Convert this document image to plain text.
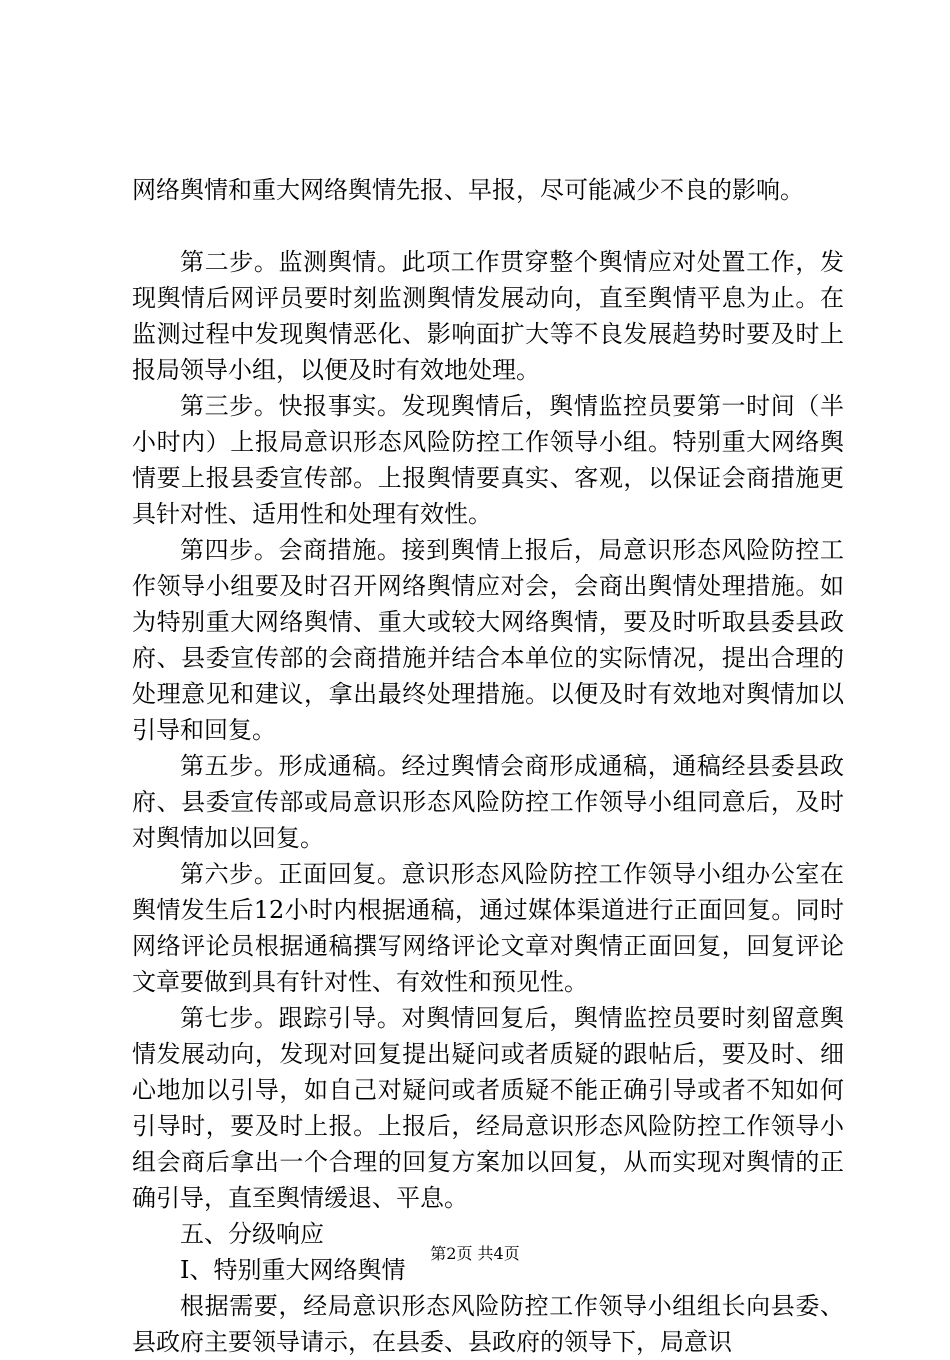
网络舆情和重大网络舆情先报、早报，尽可能减少不良的影响。

第二步。监测舆情。此项工作贯穿整个舆情应对处置工作，发现舆情后网评员要时刻监测舆情发展动向，直至舆情平息为止。在监测过程中发现舆情恶化、影响面扩大等不良发展趋势时要及时上报局领导小组，以便及时有效地处理。

第三步。快报事实。发现舆情后，舆情监控员要第一时间（半小时内）上报局意识形态风险防控工作领导小组。特别重大网络舆情要上报县委宣传部。上报舆情要真实、客观，以保证会商措施更具针对性、适用性和处理有效性。

第四步。会商措施。接到舆情上报后，局意识形态风险防控工作领导小组要及时召开网络舆情应对会，会商出舆情处理措施。如为特别重大网络舆情、重大或较大网络舆情，要及时听取县委县政府、县委宣传部的会商措施并结合本单位的实际情况，提出合理的处理意见和建议，拿出最终处理措施。以便及时有效地对舆情加以引导和回复。

第五步。形成通稿。经过舆情会商形成通稿，通稿经县委县政府、县委宣传部或局意识形态风险防控工作领导小组同意后，及时对舆情加以回复。

第六步。正面回复。意识形态风险防控工作领导小组办公室在舆情发生后12小时内根据通稿，通过媒体渠道进行正面回复。同时网络评论员根据通稿撰写网络评论文章对舆情正面回复，回复评论文章要做到具有针对性、有效性和预见性。

第七步。跟踪引导。对舆情回复后，舆情监控员要时刻留意舆情发展动向，发现对回复提出疑问或者质疑的跟帖后，要及时、细心地加以引导，如自己对疑问或者质疑不能正确引导或者不知如何引导时，要及时上报。上报后，经局意识形态风险防控工作领导小组会商后拿出一个合理的回复方案加以回复，从而实现对舆情的正确引导，直至舆情缓退、平息。

五、分级响应

Ⅰ、特别重大网络舆情

根据需要，经局意识形态风险防控工作领导小组组长向县委、县政府主要领导请示，在县委、县政府的领导下，局意识

第2页 共4页
